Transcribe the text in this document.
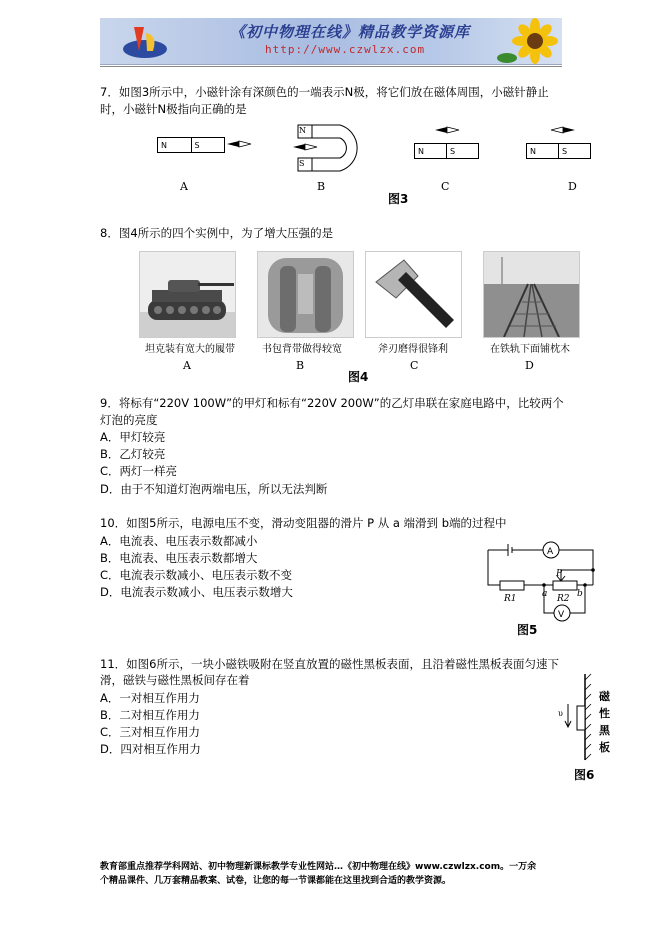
《初中物理在线》精品教学资源库
http://www.czwlzx.com
7．如图3所示中，小磁针涂有深颜色的一端表示N极，将它们放在磁体周围，小磁针静止
时，小磁针N极指向正确的是
N	S
N
S
N	S	N	S
A	B	C	D
图3
8．图4所示的四个实例中，为了增大压强的是
坦克装有宽大的履带	书包背带做得较宽	斧刃磨得很锋利	在铁轨下面铺枕木
A	B	C	D
图4
9．将标有“220V 100W”的甲灯和标有“220V 200W”的乙灯串联在家庭电路中，比较两个
灯泡的亮度
A．甲灯较亮
B．乙灯较亮
C．两灯一样亮
D．由于不知道灯泡两端电压，所以无法判断
10．如图5所示，电源电压不变，滑动变阻器的滑片 P 从 a 端滑到 b端的过程中
A．电流表、电压表示数都减小
B．电流表、电压表示数都增大
C．电流表示数减小、电压表示数不变
D．电流表示数减小、电压表示数增大
A
V
P
R1	R2
a	b
图5
11．如图6所示，一块小磁铁吸附在竖直放置的磁性黑板表面，且沿着磁性黑板表面匀速下
滑，磁铁与磁性黑板间存在着
A．一对相互作用力
B．二对相互作用力
C．三对相互作用力
D．四对相互作用力
υ
磁
性
黑
板
图6
教育部重点推荐学科网站、初中物理新课标教学专业性网站…《初中物理在线》www.czwlzx.com。一万余
个精品课件、几万套精品教案、试卷，让您的每一节课都能在这里找到合适的教学资源。
